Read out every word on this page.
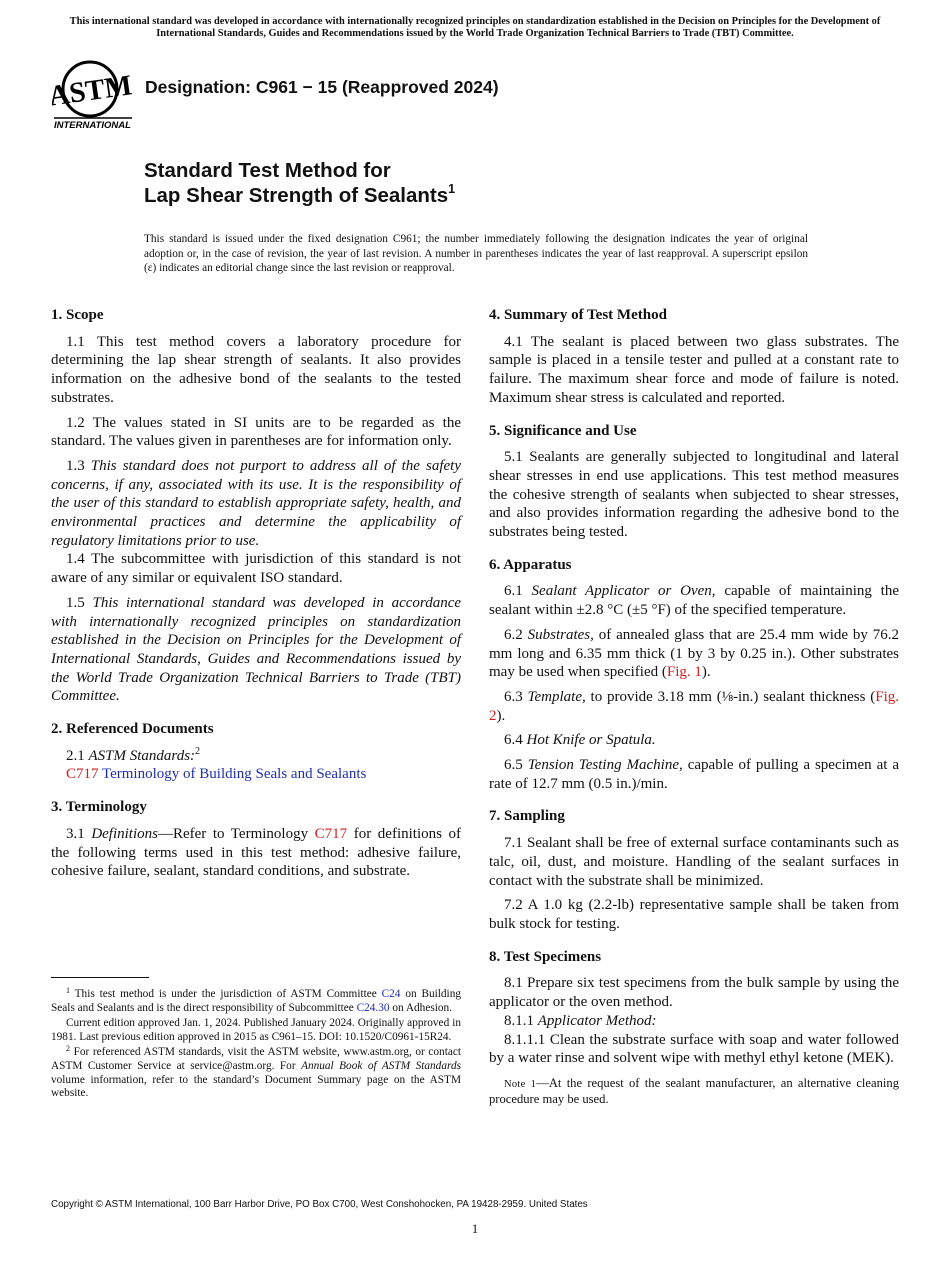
This international standard was developed in accordance with internationally recognized principles on standardization established in the Decision on Principles for the Development of International Standards, Guides and Recommendations issued by the World Trade Organization Technical Barriers to Trade (TBT) Committee.
ASTM
INTERNATIONAL
Designation: C961 − 15 (Reapproved 2024)
Standard Test Method for
Lap Shear Strength of Sealants$^1$
This standard is issued under the fixed designation C961; the number immediately following the designation indicates the year of original adoption or, in the case of revision, the year of last revision. A number in parentheses indicates the year of last reapproval. A superscript epsilon (ε) indicates an editorial change since the last revision or reapproval.
1. Scope
1.1 This test method covers a laboratory procedure for determining the lap shear strength of sealants. It also provides information on the adhesive bond of the sealants to the tested substrates.
1.2 The values stated in SI units are to be regarded as the standard. The values given in parentheses are for information only.
1.3 This standard does not purport to address all of the safety concerns, if any, associated with its use. It is the responsibility of the user of this standard to establish appropriate safety, health, and environmental practices and determine the applicability of regulatory limitations prior to use.
1.4 The subcommittee with jurisdiction of this standard is not aware of any similar or equivalent ISO standard.
1.5 This international standard was developed in accordance with internationally recognized principles on standardization established in the Decision on Principles for the Development of International Standards, Guides and Recommendations issued by the World Trade Organization Technical Barriers to Trade (TBT) Committee.
2. Referenced Documents
2.1 ASTM Standards:$^2$
C717 Terminology of Building Seals and Sealants
3. Terminology
3.1 Definitions—Refer to Terminology C717 for definitions of the following terms used in this test method: adhesive failure, cohesive failure, sealant, standard conditions, and substrate.
$^1$ This test method is under the jurisdiction of ASTM Committee C24 on Building Seals and Sealants and is the direct responsibility of Subcommittee C24.30 on Adhesion.
Current edition approved Jan. 1, 2024. Published January 2024. Originally approved in 1981. Last previous edition approved in 2015 as C961–15. DOI: 10.1520/C0961-15R24.
$^2$ For referenced ASTM standards, visit the ASTM website, www.astm.org, or contact ASTM Customer Service at service@astm.org. For Annual Book of ASTM Standards volume information, refer to the standard’s Document Summary page on the ASTM website.
4. Summary of Test Method
4.1 The sealant is placed between two glass substrates. The sample is placed in a tensile tester and pulled at a constant rate to failure. The maximum shear force and mode of failure is noted. Maximum shear stress is calculated and reported.
5. Significance and Use
5.1 Sealants are generally subjected to longitudinal and lateral shear stresses in end use applications. This test method measures the cohesive strength of sealants when subjected to shear stresses, and also provides information regarding the adhesive bond to the substrates being tested.
6. Apparatus
6.1 Sealant Applicator or Oven, capable of maintaining the sealant within ±2.8 °C (±5 °F) of the specified temperature.
6.2 Substrates, of annealed glass that are 25.4 mm wide by 76.2 mm long and 6.35 mm thick (1 by 3 by 0.25 in.). Other substrates may be used when specified (Fig. 1).
6.3 Template, to provide 3.18 mm (⅛-in.) sealant thickness (Fig. 2).
6.4 Hot Knife or Spatula.
6.5 Tension Testing Machine, capable of pulling a specimen at a rate of 12.7 mm (0.5 in.)/min.
7. Sampling
7.1 Sealant shall be free of external surface contaminants such as talc, oil, dust, and moisture. Handling of the sealant surfaces in contact with the substrate shall be minimized.
7.2 A 1.0 kg (2.2-lb) representative sample shall be taken from bulk stock for testing.
8. Test Specimens
8.1 Prepare six test specimens from the bulk sample by using the applicator or the oven method.
8.1.1 Applicator Method:
8.1.1.1 Clean the substrate surface with soap and water followed by a water rinse and solvent wipe with methyl ethyl ketone (MEK).
Note 1—At the request of the sealant manufacturer, an alternative cleaning procedure may be used.
Copyright © ASTM International, 100 Barr Harbor Drive, PO Box C700, West Conshohocken, PA 19428-2959. United States
1
